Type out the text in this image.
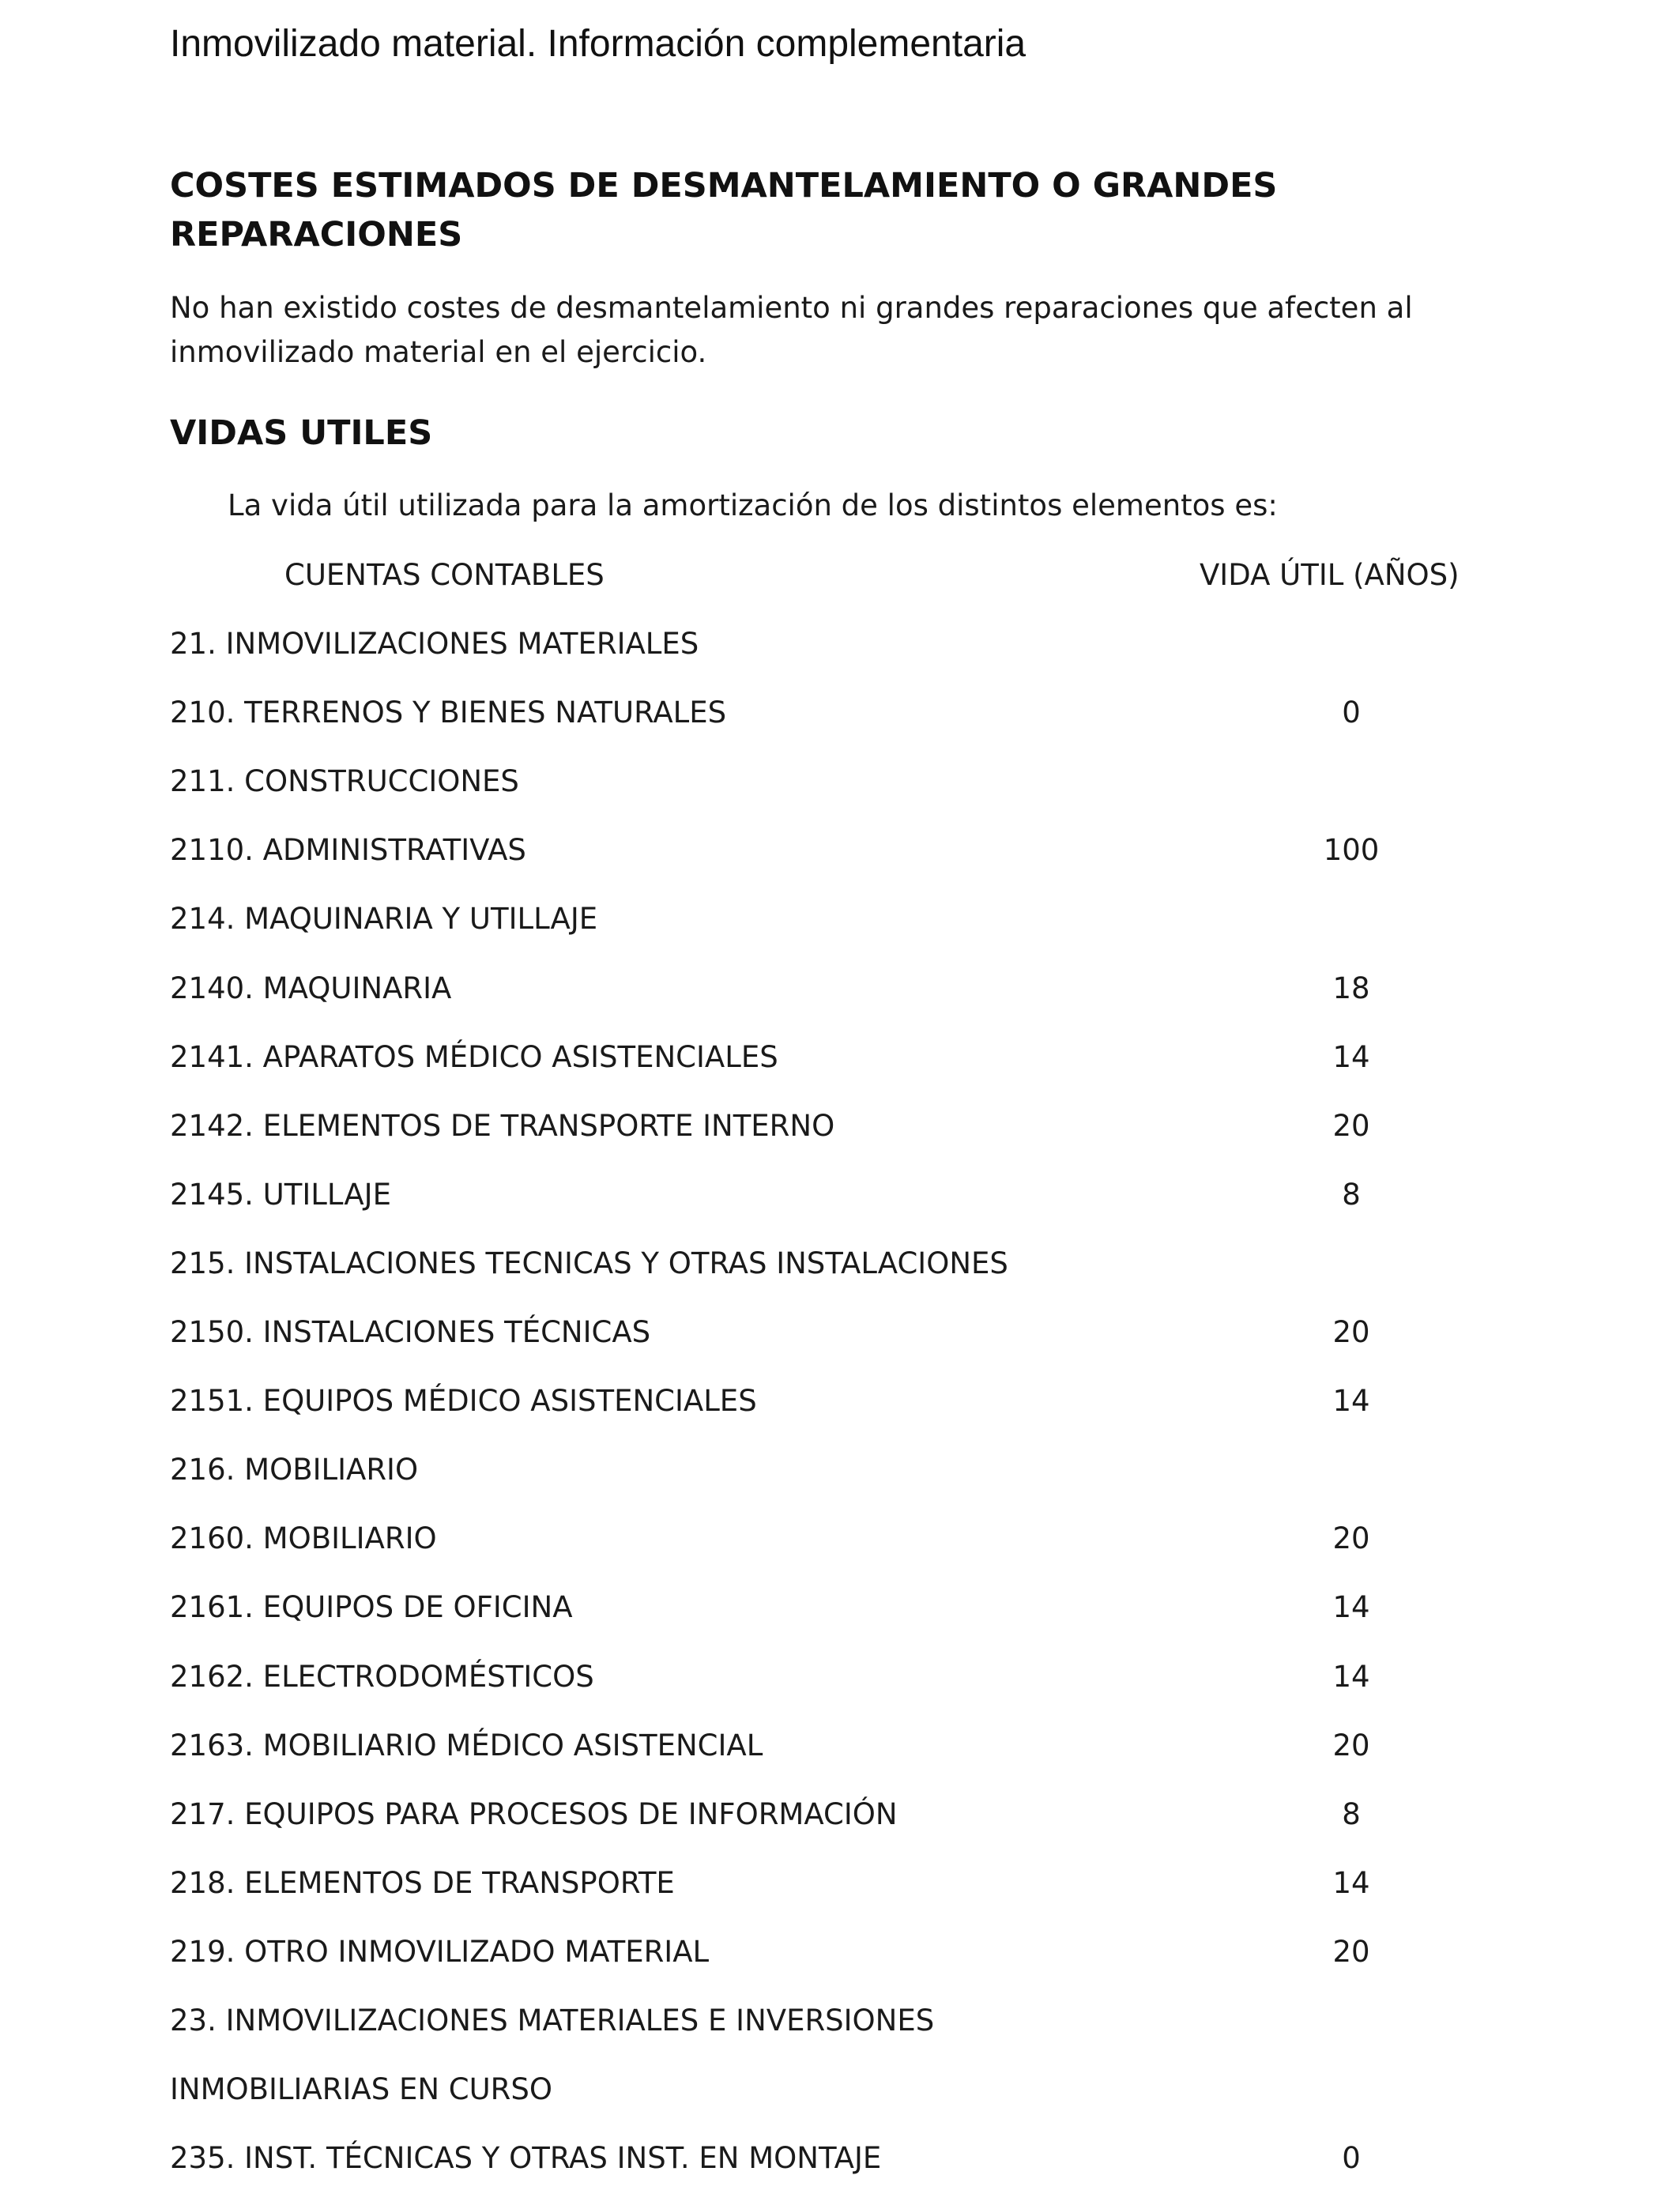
Inmovilizado material. Información complementaria
COSTES ESTIMADOS DE DESMANTELAMIENTO O GRANDES REPARACIONES

No han existido costes de desmantelamiento ni grandes reparaciones que afecten al inmovilizado material en el ejercicio.

VIDAS UTILES
La vida útil utilizada para la amortización de los distintos elementos es:
CUENTAS CONTABLES	VIDA ÚTIL (AÑOS)
21. INMOVILIZACIONES MATERIALES
210. TERRENOS Y BIENES NATURALES	0
211. CONSTRUCCIONES
2110. ADMINISTRATIVAS	100
214. MAQUINARIA Y UTILLAJE
2140. MAQUINARIA	18
2141. APARATOS MÉDICO ASISTENCIALES	14
2142. ELEMENTOS DE TRANSPORTE INTERNO	20
2145. UTILLAJE	8
215. INSTALACIONES TECNICAS Y OTRAS INSTALACIONES
2150. INSTALACIONES TÉCNICAS	20
2151. EQUIPOS MÉDICO ASISTENCIALES	14
216. MOBILIARIO
2160. MOBILIARIO	20
2161. EQUIPOS DE OFICINA	14
2162. ELECTRODOMÉSTICOS	14
2163. MOBILIARIO MÉDICO ASISTENCIAL	20
217. EQUIPOS PARA PROCESOS DE INFORMACIÓN	8
218. ELEMENTOS DE TRANSPORTE	14
219. OTRO INMOVILIZADO MATERIAL	20
23. INMOVILIZACIONES MATERIALES E INVERSIONES
INMOBILIARIAS EN CURSO
235. INST. TÉCNICAS Y OTRAS INST. EN MONTAJE	0
